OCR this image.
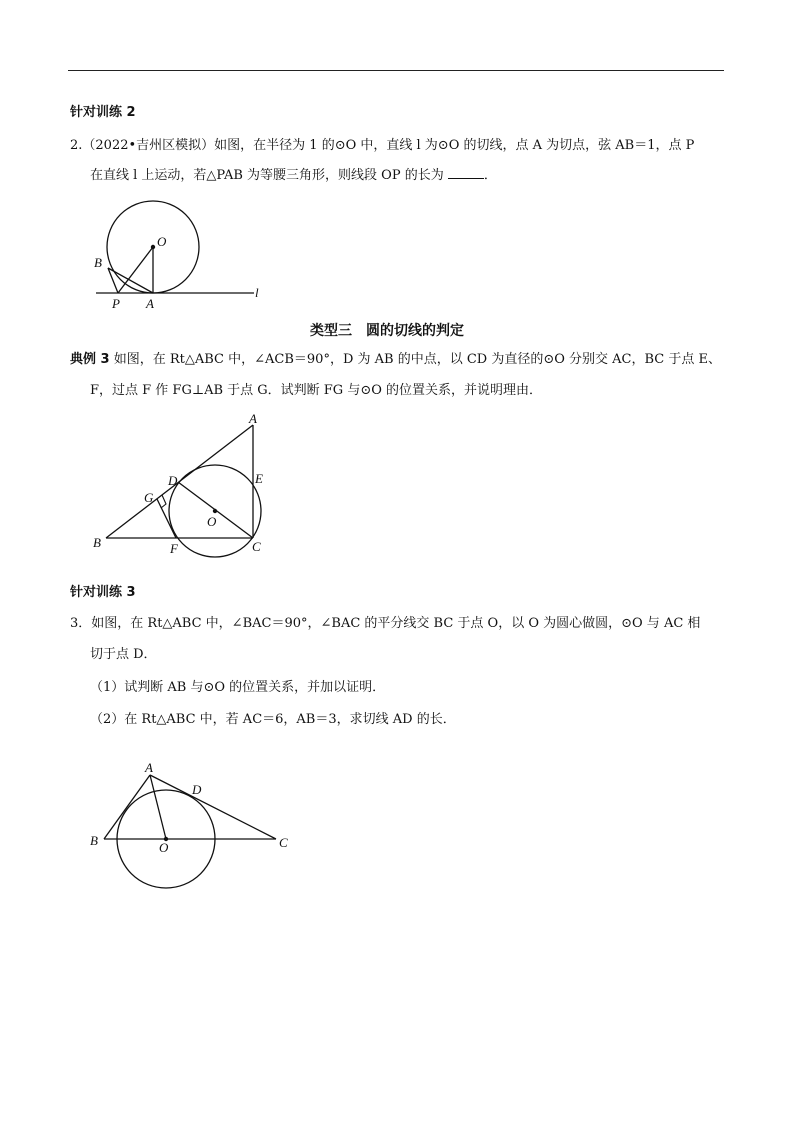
针对训练 2
2.（2022•吉州区模拟）如图，在半径为 1 的⊙O 中，直线 l 为⊙O 的切线，点 A 为切点，弦 AB＝1，点 P
在直线 l 上运动，若△PAB 为等腰三角形，则线段 OP 的长为	．
O
B
P A
l
类型三　圆的切线的判定
典例 3 如图，在 Rt△ABC 中，∠ACB＝90°，D 为 AB 的中点，以 CD 为直径的⊙O 分别交 AC，BC 于点 E、
F，过点 F 作 FG⊥AB 于点 G．试判断 FG 与⊙O 的位置关系，并说明理由．
A
D	E
G
O
B	F	C
针对训练 3
3．如图，在 Rt△ABC 中，∠BAC＝90°，∠BAC 的平分线交 BC 于点 O，以 O 为圆心做圆，⊙O 与 AC 相
切于点 D．
（1）试判断 AB 与⊙O 的位置关系，并加以证明．
（2）在 Rt△ABC 中，若 AC＝6，AB＝3，求切线 AD 的长．
A
D
B	O	C
